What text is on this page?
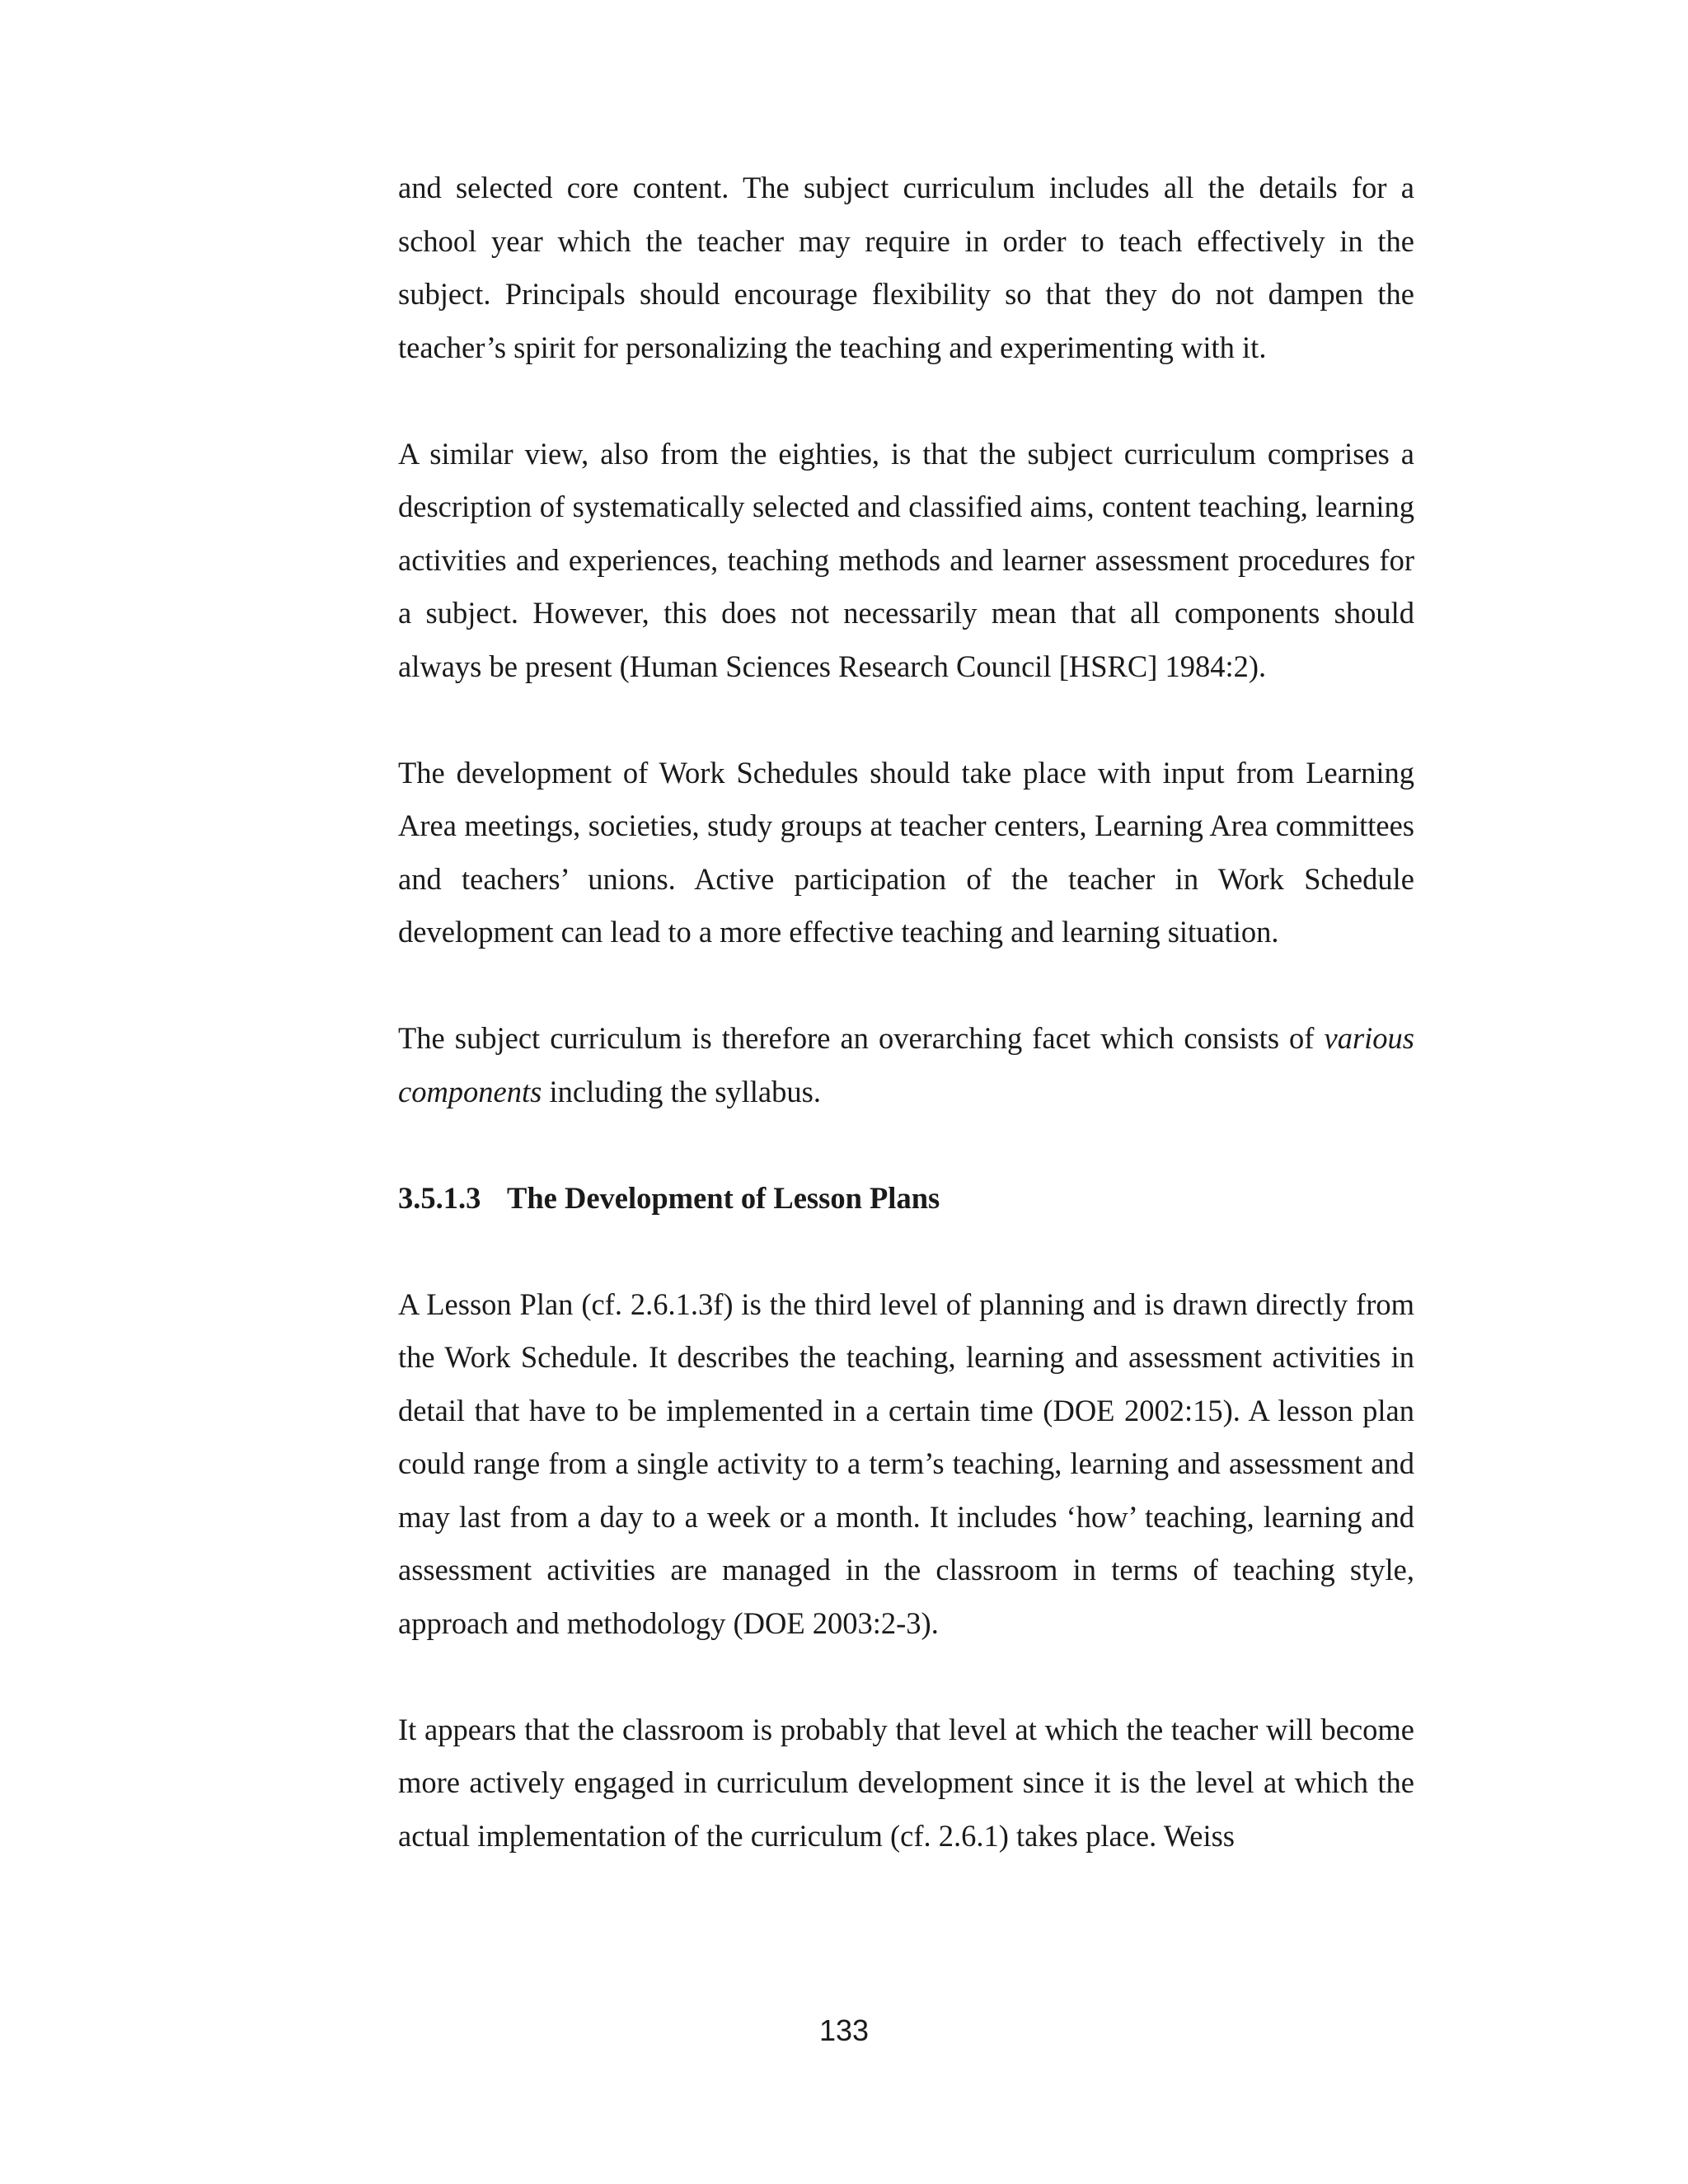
and selected core content. The subject curriculum includes all the details for a school year which the teacher may require in order to teach effectively in the subject. Principals should encourage flexibility so that they do not dampen the teacher’s spirit for personalizing the teaching and experimenting with it.

A similar view, also from the eighties, is that the subject curriculum comprises a description of systematically selected and classified aims, content teaching, learning activities and experiences, teaching methods and learner assessment procedures for a subject. However, this does not necessarily mean that all components should always be present (Human Sciences Research Council [HSRC] 1984:2).

The development of Work Schedules should take place with input from Learning Area meetings, societies, study groups at teacher centers, Learning Area committees and teachers’ unions. Active participation of the teacher in Work Schedule development can lead to a more effective teaching and learning situation.

The subject curriculum is therefore an overarching facet which consists of various components including the syllabus.

3.5.1.3 The Development of Lesson Plans

A Lesson Plan (cf. 2.6.1.3f) is the third level of planning and is drawn directly from the Work Schedule. It describes the teaching, learning and assessment activities in detail that have to be implemented in a certain time (DOE 2002:15). A lesson plan could range from a single activity to a term’s teaching, learning and assessment and may last from a day to a week or a month. It includes ‘how’ teaching, learning and assessment activities are managed in the classroom in terms of teaching style, approach and methodology (DOE 2003:2-3).

It appears that the classroom is probably that level at which the teacher will become more actively engaged in curriculum development since it is the level at which the actual implementation of the curriculum (cf. 2.6.1) takes place. Weiss

133
